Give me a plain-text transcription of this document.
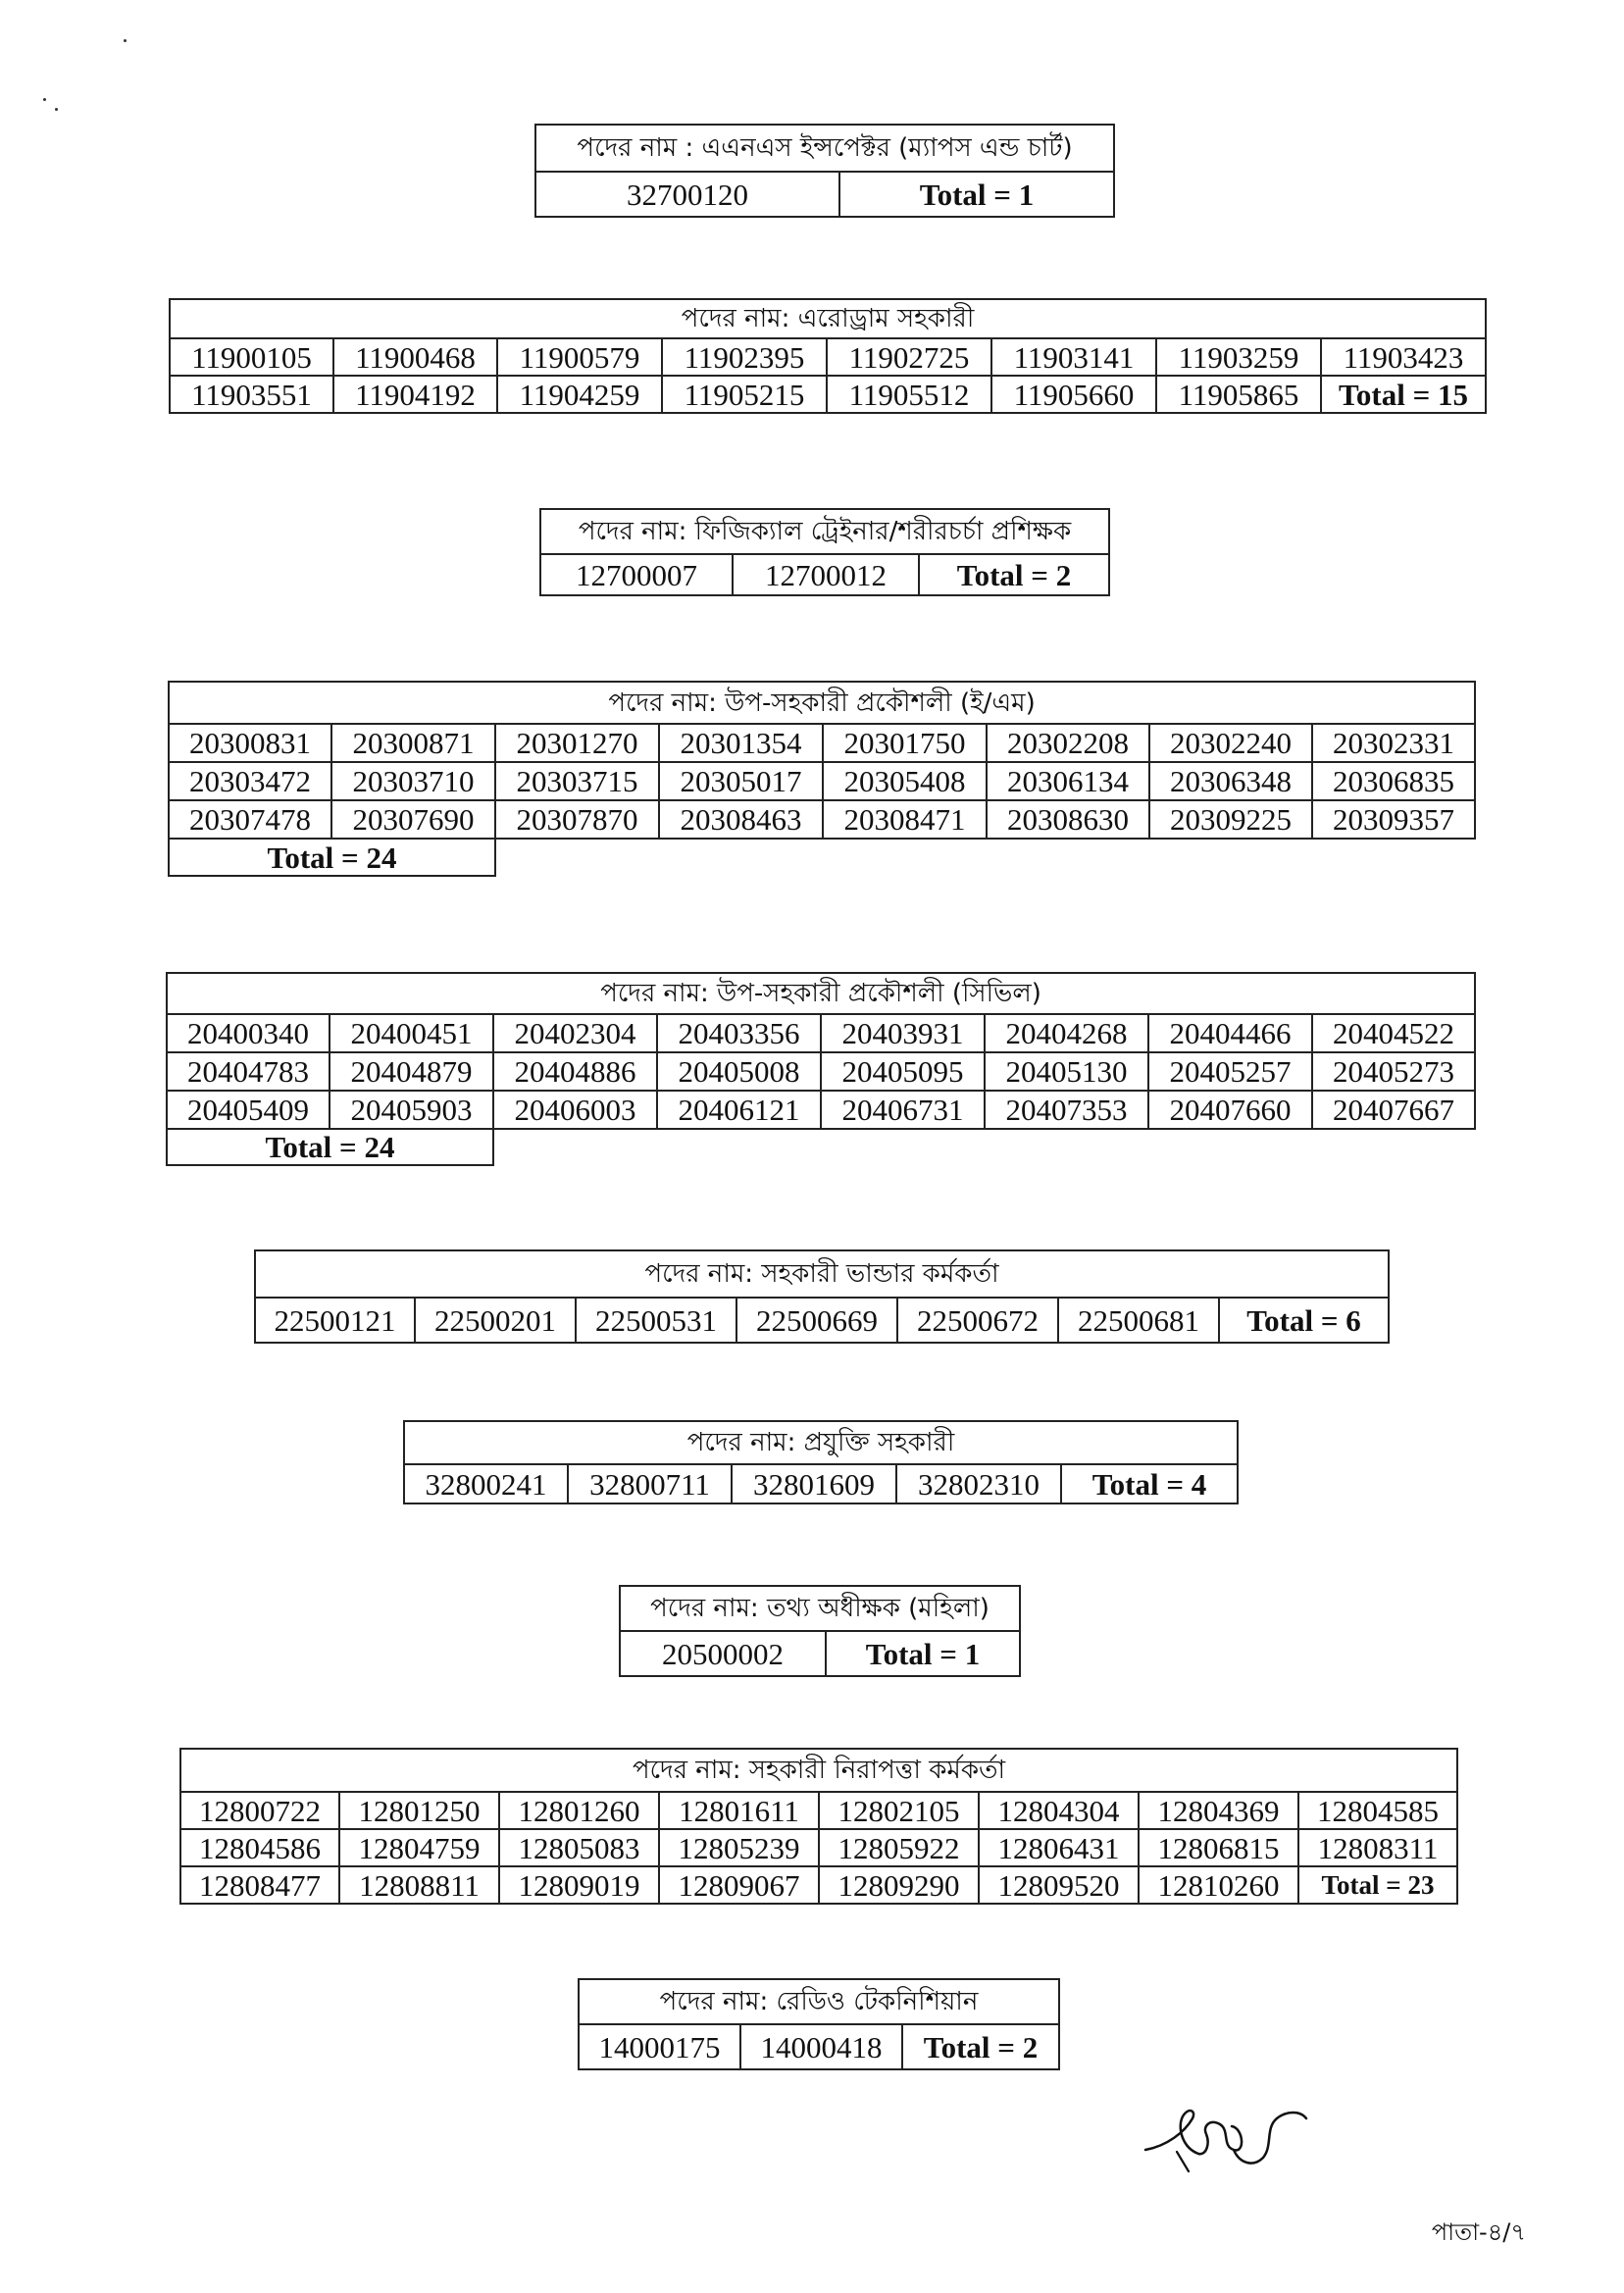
পদের নাম : এএনএস ইন্সপেক্টর (ম্যাপস এন্ড চার্ট)
32700120	Total = 1
পদের নাম: এরোড্রাম সহকারী							
11900105	11900468	11900579	11902395	11902725	11903141	11903259	11903423
11903551	11904192	11904259	11905215	11905512	11905660	11905865	Total = 15
পদের নাম: ফিজিক্যাল ট্রেইনার/শরীরচর্চা প্রশিক্ষক
12700007	12700012	Total = 2
পদের নাম: উপ-সহকারী প্রকৌশলী (ই/এম)							
20300831	20300871	20301270	20301354	20301750	20302208	20302240	20302331
20303472	20303710	20303715	20305017	20305408	20306134	20306348	20306835
20307478	20307690	20307870	20308463	20308471	20308630	20309225	20309357
Total = 24							
পদের নাম: উপ-সহকারী প্রকৌশলী (সিভিল)							
20400340	20400451	20402304	20403356	20403931	20404268	20404466	20404522
20404783	20404879	20404886	20405008	20405095	20405130	20405257	20405273
20405409	20405903	20406003	20406121	20406731	20407353	20407660	20407667
Total = 24							
পদের নাম: সহকারী ভান্ডার কর্মকর্তা
22500121	22500201	22500531	22500669	22500672	22500681	Total = 6
পদের নাম: প্রযুক্তি সহকারী
32800241	32800711	32801609	32802310	Total = 4
পদের নাম: তথ্য অধীক্ষক (মহিলা)
20500002	Total = 1
পদের নাম: সহকারী নিরাপত্তা কর্মকর্তা							
12800722	12801250	12801260	12801611	12802105	12804304	12804369	12804585
12804586	12804759	12805083	12805239	12805922	12806431	12806815	12808311
12808477	12808811	12809019	12809067	12809290	12809520	12810260	Total = 23
পদের নাম: রেডিও টেকনিশিয়ান
14000175	14000418	Total = 2
পাতা-৪/৭
